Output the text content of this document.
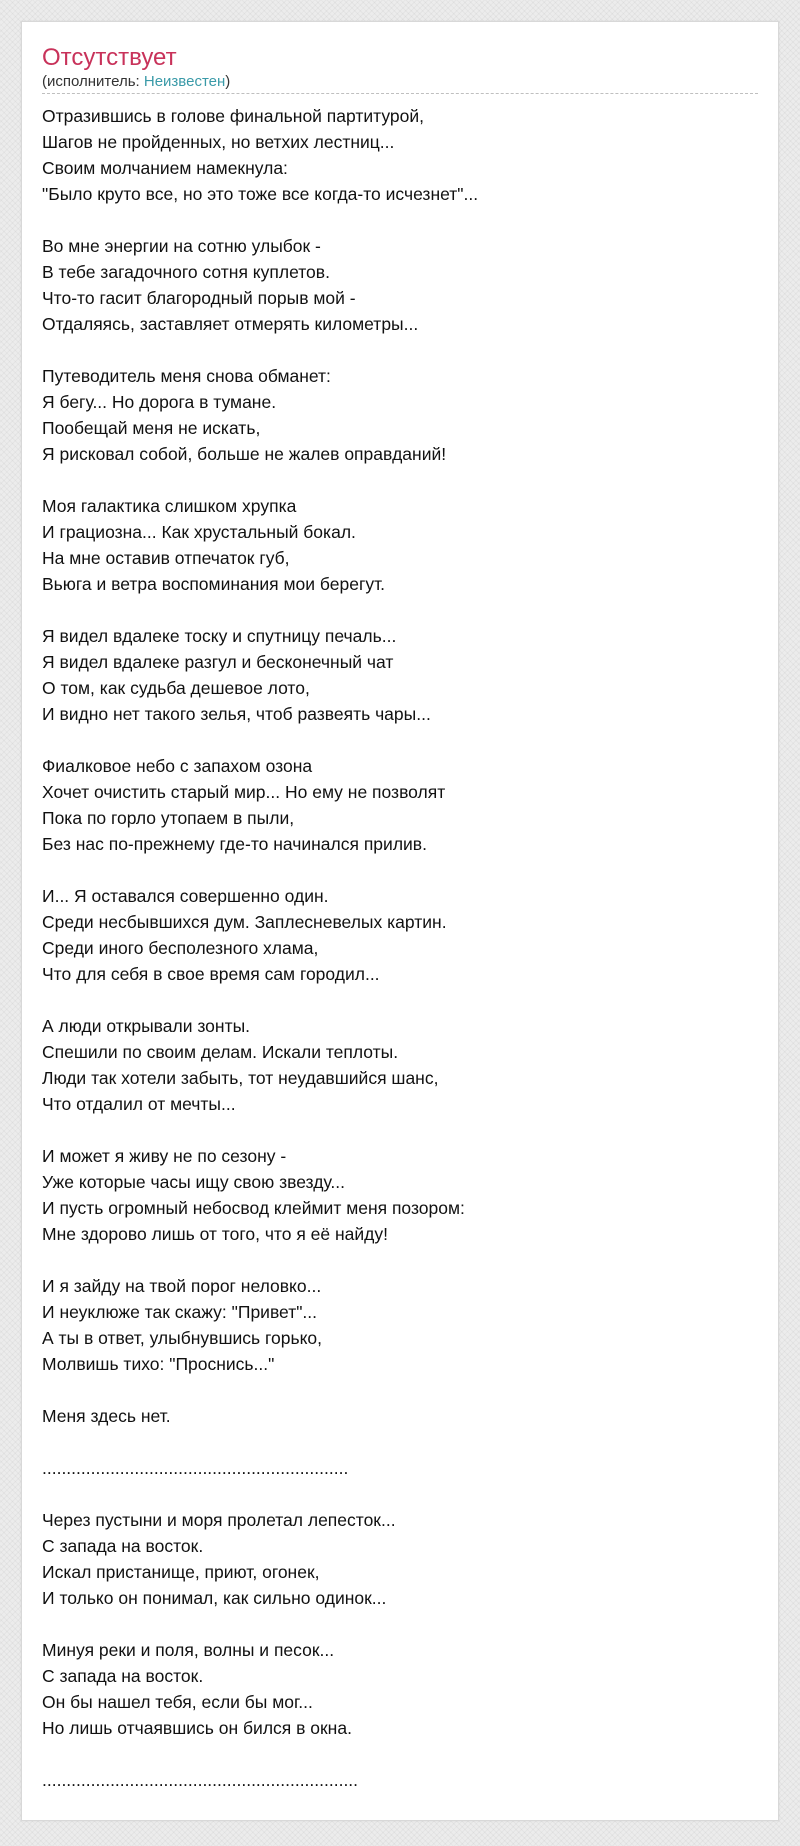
Отсутствует
(исполнитель: Неизвестен)
Отразившись в голове финальной партитурой,
Шагов не пройденных, но ветхих лестниц...
Своим молчанием намекнула:
"Было круто все, но это тоже все когда-то исчезнет"...
Во мне энергии на сотню улыбок -
В тебе загадочного сотня куплетов.
Что-то гасит благородный порыв мой -
Отдаляясь, заставляет отмерять километры...
Путеводитель меня снова обманет:
Я бегу... Но дорога в тумане.
Пообещай меня не искать,
Я рисковал собой, больше не жалев оправданий!
Моя галактика слишком хрупка
И грациозна... Как хрустальный бокал.
На мне оставив отпечаток губ,
Вьюга и ветра воспоминания мои берегут.
Я видел вдалеке тоску и спутницу печаль...
Я видел вдалеке разгул и бесконечный чат
О том, как судьба дешевое лото,
И видно нет такого зелья, чтоб развеять чары...
Фиалковое небо с запахом озона
Хочет очистить старый мир... Но ему не позволят
Пока по горло утопаем в пыли,
Без нас по-прежнему где-то начинался прилив.
И... Я оставался совершенно один.
Среди несбывшихся дум. Заплесневелых картин.
Среди иного бесполезного хлама,
Что для себя в свое время сам городил...
А люди открывали зонты.
Спешили по своим делам. Искали теплоты.
Люди так хотели забыть, тот неудавшийся шанс,
Что отдалил от мечты...
И может я живу не по сезону -
Уже которые часы ищу свою звезду...
И пусть огромный небосвод клеймит меня позором:
Мне здорово лишь от того, что я её найду!
И я зайду на твой порог неловко...
И неуклюже так скажу: "Привет"...
А ты в ответ, улыбнувшись горько,
Молвишь тихо: "Проснись..."
Меня здесь нет.
...............................................................
Через пустыни и моря пролетал лепесток...
С запада на восток.
Искал пристанище, приют, огонек,
И только он понимал, как сильно одинок...
Минуя реки и поля, волны и песок...
С запада на восток.
Он бы нашел тебя, если бы мог...
Но лишь отчаявшись он бился в окна.
.................................................................
